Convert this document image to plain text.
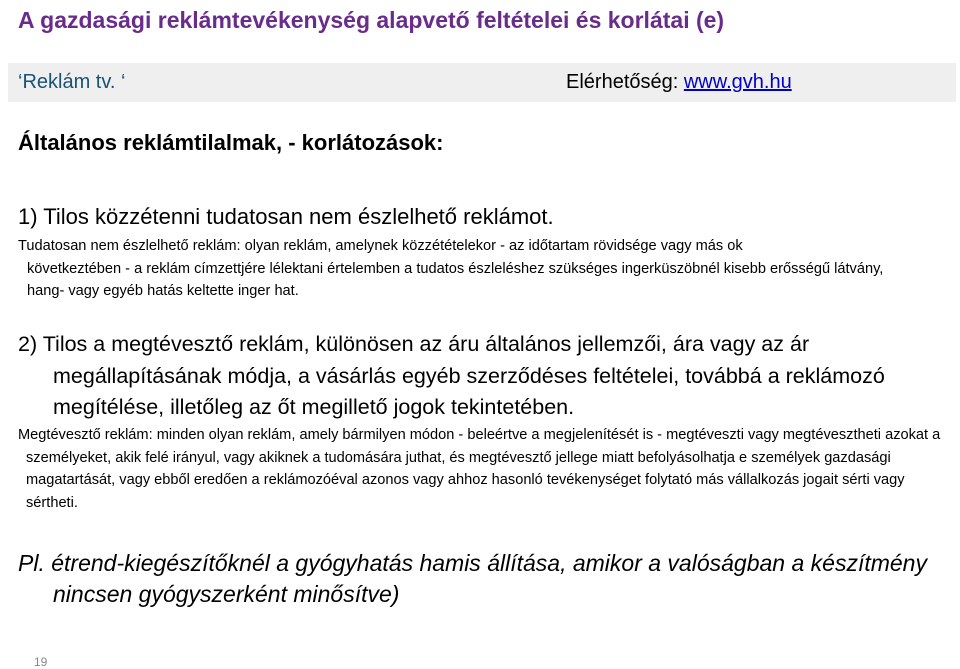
A gazdasági reklámtevékenység alapvető feltételei és korlátai (e)
‘Reklám tv. ‘	Elérhetőség: www.gvh.hu
Általános reklámtilalmak, - korlátozások:
1) Tilos közzétenni tudatosan nem észlelhető reklámot.
Tudatosan nem észlelhető reklám: olyan reklám, amelynek közzétételekor - az időtartam rövidsége vagy más ok
következtében - a reklám címzettjére lélektani értelemben a tudatos észleléshez szükséges ingerküszöbnél kisebb erősségű látvány, hang- vagy egyéb hatás keltette inger hat.
2) Tilos a megtévesztő reklám, különösen az áru általános jellemzői, ára vagy az ár megállapításának módja, a vásárlás egyéb szerződéses feltételei, továbbá a reklámozó megítélése, illetőleg az őt megillető jogok tekintetében.
Megtévesztő reklám: minden olyan reklám, amely bármilyen módon - beleértve a megjelenítését is - megtéveszti vagy megtévesztheti azokat a személyeket, akik felé irányul, vagy akiknek a tudomására juthat, és megtévesztő jellege miatt befolyásolhatja e személyek gazdasági magatartását, vagy ebből eredően a reklámozóéval azonos vagy ahhoz hasonló tevékenységet folytató más vállalkozás jogait sérti vagy sértheti.
Pl. étrend-kiegészítőknél a gyógyhatás hamis állítása, amikor a valóságban a készítmény nincsen gyógyszerként minősítve)
19
